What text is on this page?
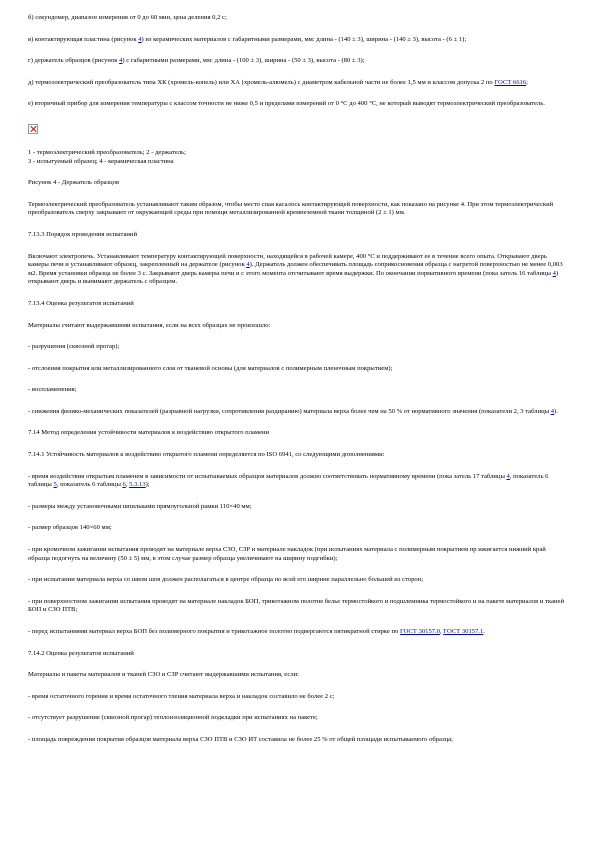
б) секундомер, диапазон измерения от 0 до 60 мин, цена деления 0,2 с;

в) контактирующая пластина (рисунок 4) из керамических материалов с габаритными размерами, мм: длина - (140 ± 3), ширина - (140 ± 3), высота - (6 ± 1);

г) держатель образцов (рисунок 4) с габаритными размерами, мм: длина - (100 ± 3), ширина - (50 ± 3), высота - (80 ± 3);

д) термоэлектрический преобразователь типа ХК (хромель-копель) или ХА (хромель-алюмель) с диаметром кабельной части не более 1,5 мм и классом допуска 2 по ГОСТ 6616;

е) вторичный прибор для измерения температуры с классом точности не ниже 0,5 и пределами измерений от 0 °С до 400 °С, не который выводят термоэлектрический преобразователь.

1 - термоэлектрический преобразователь; 2 - держатель;
3 - испытуемый образец; 4 - керамическая пластина

Рисунок 4 - Держатель образцов

Термоэлектрический преобразователь устанавливают таким образом, чтобы место спая касалось контактирующей поверхности, как показано на рисунке 4. При этом термоэлектрический преобразователь сверху закрывают от окружающей среды при помощи металлизированной кремнеземной ткани толщиной (2 ± 1) мм.

7.13.3 Порядок проведения испытаний

Включают электропечь. Устанавливают температуру контактирующей поверхности, находящейся в рабочей камере, 400 °С и поддерживают ее в течение всего опыта. Открывают дверь камеры печи и устанавливают образец, закрепленный на держателе (рисунок 4). Держатель должен обеспечивать площадь соприкосновения образца с нагретой поверхностью не менее 0,003 м2. Время установки образца не более 3 с. Закрывают дверь камеры печи и с этого момента отсчитывают время выдержки. По окончании нормативного времени (пока затель 16 таблицы 4) открывают дверь и вынимают держатель с образцом.

7.13.4 Оценка результатов испытаний

Материалы считают выдержавшими испытания, если на всех образцах не произошло:

- разрушения (сквозной прогар);

- отслоения покрытия или металлизированного слоя от тканевой основы (для материалов с полимерным пленочным покрытием);

- воспламенения;

- снижения физико-механических показателей (разрывной нагрузки, сопротивления раздиранию) материала верха более чем на 50 % от нормативного значения (показатели 2, 3 таблицы 4).

7.14 Метод определения устойчивости материалов к воздействию открытого пламени

7.14.1 Устойчивость материалов к воздействию открытого пламени определяется по ISO 6941, со следующими дополнениями:

- время воздействия открытым пламенем в зависимости от испытываемых образцов материалов должно соответствовать нормативному времени (пока затель 17 таблицы 4, показатель 6 таблицы 5, показатель 6 таблицы 6, 5.3.13);

- размеры между установочными шпильками прямоугольной рамки 110×40 мм;

- размер образцов 140×60 мм;

- при кромочном зажигании испытания проводят на материале верха СЗО, СЗР и материале накладок (при испытаниях материала с полимерным покрытием пр ижигается нижний край образца подогнуть на величину (50 ± 5) мм, в этом случае размер образца увеличивают на ширину подгибки);

- при испытании материала верха со швом шов должен располагаться в центре образца по всей его ширине параллельно большей из сторон;

- при поверхностном зажигании испытания проводят на материале накладок БОП, трикотажном полотне белье термостойкого и подшлемника термостойкого и на пакете материалов и тканей БОП и СЗО ПТВ;

- перед испытаниями материал верха БОП без полимерного покрытия и трикотажное полотно подвергаются пятикратной стирке по ГОСТ 30157.0, ГОСТ 30157.1.

7.14.2 Оценка результатов испытаний

Материалы и пакеты материалов и тканей СЗО и СЗР считают выдержавшими испытания, если:

- время остаточного горения и время остаточного тления материала верха и накладок составило не более 2 с;

- отсутствует разрушение (сквозной прогар) теплоизоляционной подкладки при испытаниях на пакете;

- площадь повреждения покрытия образцов материала верха СЗО ПТВ и СЗО ИТ составила не более 25 % от общей площади испытываемого образца;
